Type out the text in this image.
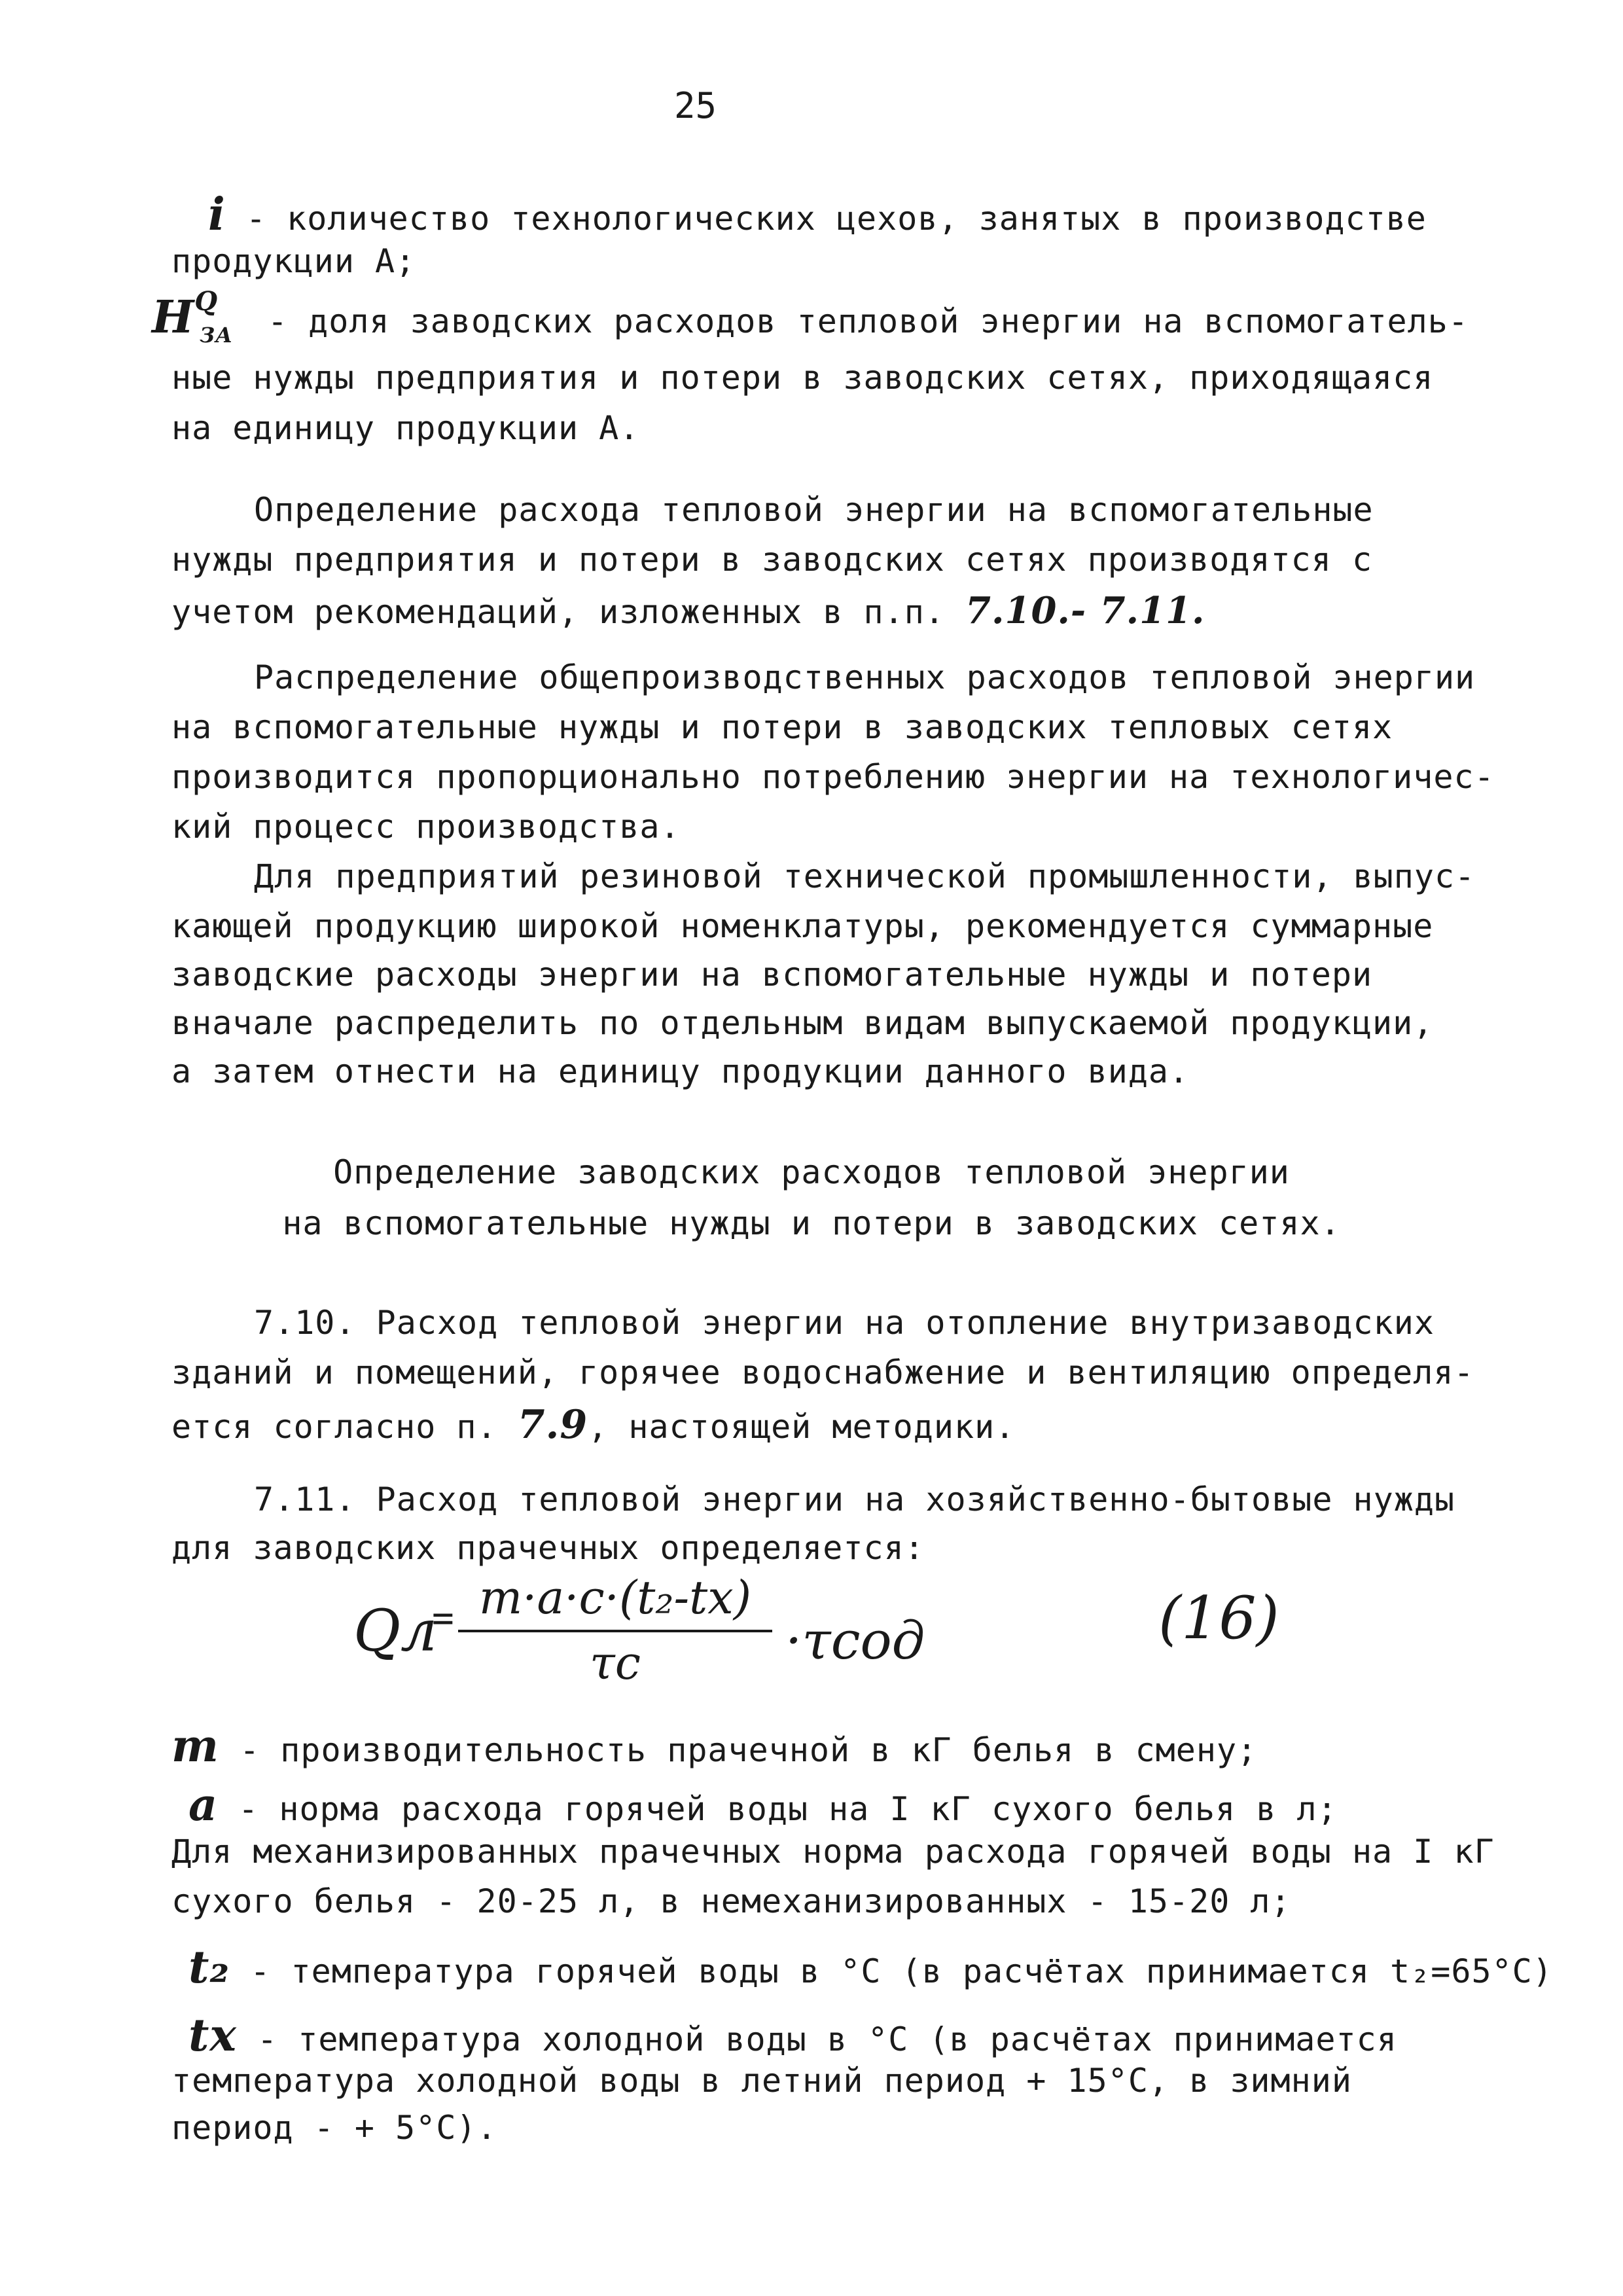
25
i - количество технологических цехов, занятых в производстве
продукции А;
$H^Q_{ЗА}$ - доля заводских расходов тепловой энергии на вспомогатель-
ные нужды предприятия и потери в заводских сетях, приходящаяся
на единицу продукции А.
Определение расхода тепловой энергии на вспомогательные
нужды предприятия и потери в заводских сетях производятся с
учетом рекомендаций, изложенных в п.п. 7.10.- 7.11.
Распределение общепроизводственных расходов тепловой энергии
на вспомогательные нужды и потери в заводских тепловых сетях
производится пропорционально потреблению энергии на технологичес-
кий процесс производства.
Для предприятий резиновой технической промышленности, выпус-
кающей продукцию широкой номенклатуры, рекомендуется суммарные
заводские расходы энергии на вспомогательные нужды и потери
вначале распределить по отдельным видам выпускаемой продукции,
а затем отнести на единицу продукции данного вида.
Определение заводских расходов тепловой энергии
на вспомогательные нужды и потери в заводских сетях.
7.10. Расход тепловой энергии на отопление внутризаводских
зданий и помещений, горячее водоснабжение и вентиляцию определя-
ется согласно п. 7.9, настоящей методики.
7.11. Расход тепловой энергии на хозяйственно-бытовые нужды
для заводских прачечных определяется:
Qл
= m·a·c·(t₂-tх)
τс	·τсод	(16)
m - производительность прачечной в кГ белья в смену;
a - норма расхода горячей воды на I кГ сухого белья в л;
Для механизированных прачечных норма расхода горячей воды на I кГ
сухого белья - 20-25 л, в немеханизированных - 15-20 л;
t₂ - температура горячей воды в °С (в расчётах принимается t₂=65°С)
tх - температура холодной воды в °С (в расчётах принимается
температура холодной воды в летний период + 15°С, в зимний
период - + 5°С).
